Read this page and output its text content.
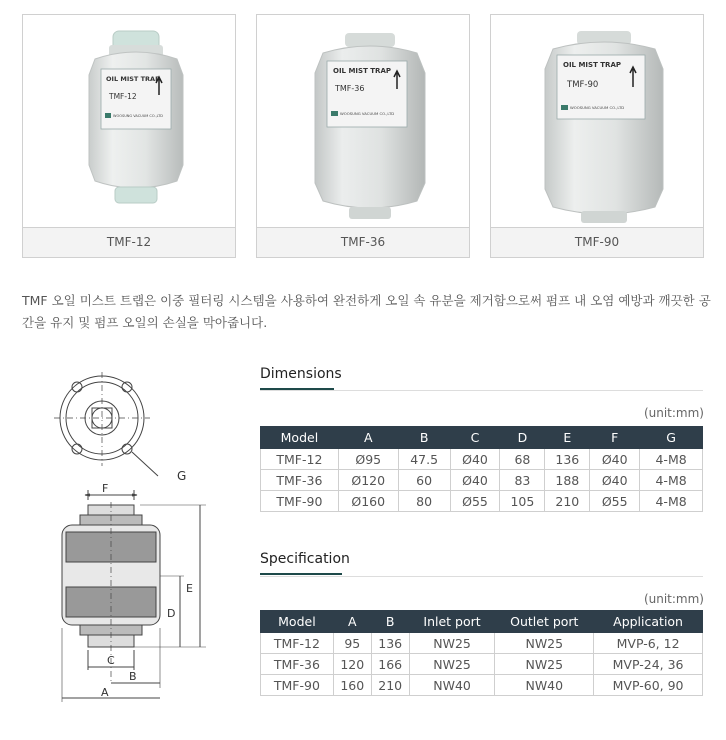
OIL MIST TRAP
TMF-12
WOOSUNG VACUUM CO.,LTD
TMF-12
OIL MIST TRAP
TMF-36
WOOSUNG VACUUM CO.,LTD
TMF-36
OIL MIST TRAP
TMF-90
WOOSUNG VACUUM CO.,LTD
TMF-90

TMF 오일 미스트 트랩은 이중 필터링 시스템을 사용하여 완전하게 오일 속 유분을 제거함으로써 펌프 내 오염 예방과 깨끗한 공간을 유지 및 펌프 오일의 손실을 막아줍니다.

G
F
E
D
C
B
A
Dimensions
(unit:mm)
Model	A	B	C	D	E	F	G
TMF-12	Ø95	47.5	Ø40	68	136	Ø40	4-M8
TMF-36	Ø120	60	Ø40	83	188	Ø40	4-M8
TMF-90	Ø160	80	Ø55	105	210	Ø55	4-M8
Specification
(unit:mm)
Model	A	B	Inlet port	Outlet port	Application
TMF-12	95	136	NW25	NW25	MVP-6, 12
TMF-36	120	166	NW25	NW25	MVP-24, 36
TMF-90	160	210	NW40	NW40	MVP-60, 90
